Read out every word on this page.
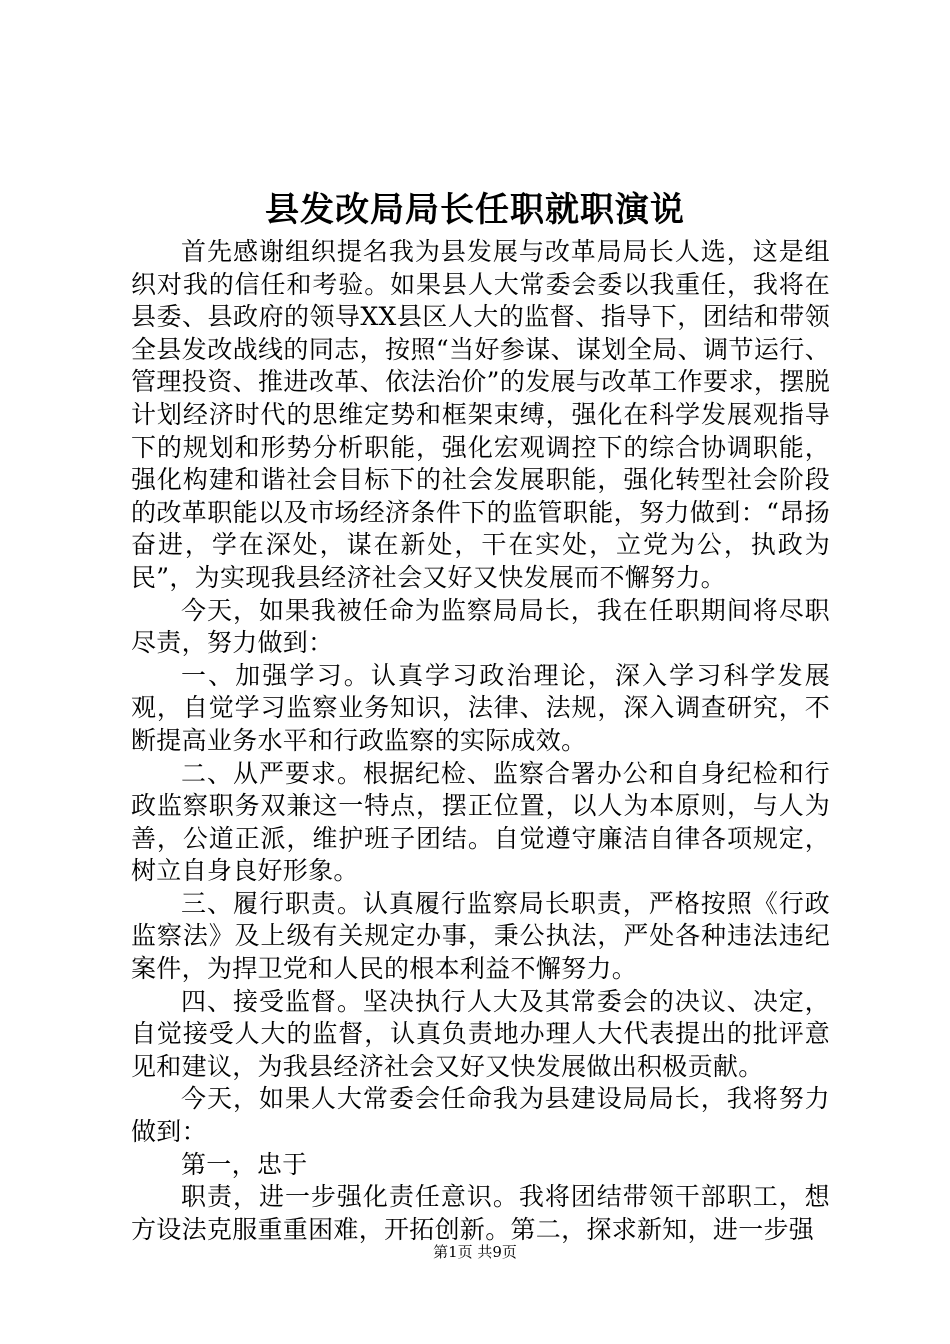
县发改局局长任职就职演说

首先感谢组织提名我为县发展与改革局局长人选，这是组织对我的信任和考验。如果县人大常委会委以我重任，我将在县委、县政府的领导XX县区人大的监督、指导下，团结和带领全县发改战线的同志，按照“当好参谋、谋划全局、调节运行、管理投资、推进改革、依法治价”的发展与改革工作要求，摆脱计划经济时代的思维定势和框架束缚，强化在科学发展观指导下的规划和形势分析职能，强化宏观调控下的综合协调职能，强化构建和谐社会目标下的社会发展职能，强化转型社会阶段的改革职能以及市场经济条件下的监管职能，努力做到：“昂扬奋进，学在深处，谋在新处，干在实处，立党为公，执政为民”，为实现我县经济社会又好又快发展而不懈努力。

今天，如果我被任命为监察局局长，我在任职期间将尽职尽责，努力做到：

一、加强学习。认真学习政治理论，深入学习科学发展观，自觉学习监察业务知识，法律、法规，深入调查研究，不断提高业务水平和行政监察的实际成效。

二、从严要求。根据纪检、监察合署办公和自身纪检和行政监察职务双兼这一特点，摆正位置，以人为本原则，与人为善，公道正派，维护班子团结。自觉遵守廉洁自律各项规定，树立自身良好形象。

三、履行职责。认真履行监察局长职责，严格按照《行政监察法》及上级有关规定办事，秉公执法，严处各种违法违纪案件，为捍卫党和人民的根本利益不懈努力。

四、接受监督。坚决执行人大及其常委会的决议、决定，自觉接受人大的监督，认真负责地办理人大代表提出的批评意见和建议，为我县经济社会又好又快发展做出积极贡献。

今天，如果人大常委会任命我为县建设局局长，我将努力做到：

第一，忠于

职责，进一步强化责任意识。我将团结带领干部职工，想方设法克服重重困难，开拓创新。第二，探求新知，进一步强

第1页 共9页
